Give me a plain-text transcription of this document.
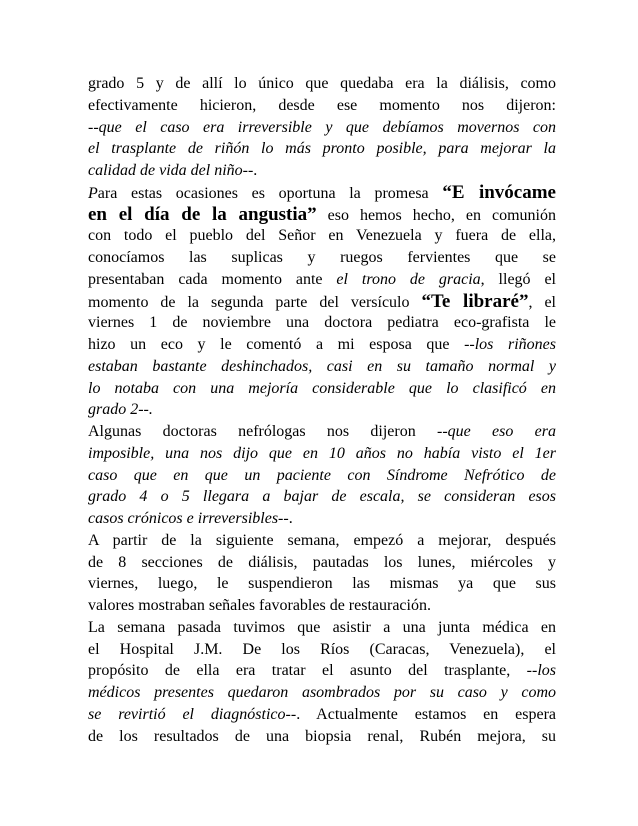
grado 5 y de allí lo único que quedaba era la diálisis, como
efectivamente hicieron, desde ese momento nos dijeron:
--que el caso era irreversible y que debíamos movernos con
el trasplante de riñón lo más pronto posible, para mejorar la
calidad de vida del niño--.
Para estas ocasiones es oportuna la promesa “E invócame
en el día de la angustia” eso hemos hecho, en comunión
con todo el pueblo del Señor en Venezuela y fuera de ella,
conocíamos las suplicas y ruegos fervientes que se
presentaban cada momento ante el trono de gracia, llegó el
momento de la segunda parte del versículo “Te libraré”, el
viernes 1 de noviembre una doctora pediatra eco-grafista le
hizo un eco y le comentó a mi esposa que --los riñones
estaban bastante deshinchados, casi en su tamaño normal y
lo notaba con una mejoría considerable que lo clasificó en
grado 2--.
Algunas doctoras nefrólogas nos dijeron --que eso era
imposible, una nos dijo que en 10 años no había visto el 1er
caso que en que un paciente con Síndrome Nefrótico de
grado 4 o 5 llegara a bajar de escala, se consideran esos
casos crónicos e irreversibles--.
A partir de la siguiente semana, empezó a mejorar, después
de 8 secciones de diálisis, pautadas los lunes, miércoles y
viernes, luego, le suspendieron las mismas ya que sus
valores mostraban señales favorables de restauración.
La semana pasada tuvimos que asistir a una junta médica en
el Hospital J.M. De los Ríos (Caracas, Venezuela), el
propósito de ella era tratar el asunto del trasplante, --los
médicos presentes quedaron asombrados por su caso y como
se revirtió el diagnóstico--. Actualmente estamos en espera
de los resultados de una biopsia renal, Rubén mejora, su
